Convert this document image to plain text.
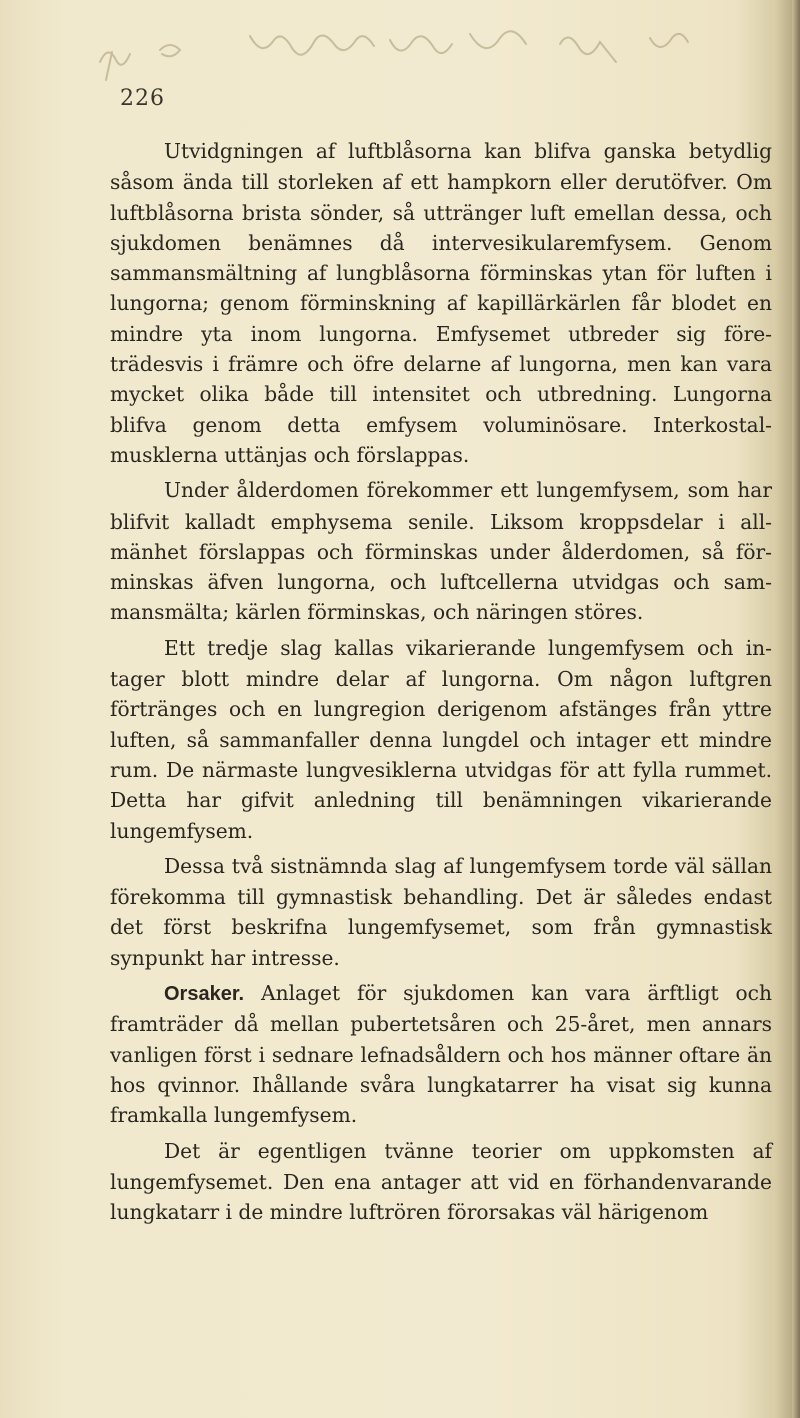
226

Utvidgningen af luftblåsorna kan blifva ganska betydlig såsom ända till storleken af ett hampkorn eller derutöfver. Om luftblåsorna brista sönder, så uttränger luft emellan dessa, och sjukdomen benämnes då intervesikularemfysem. Genom sammansmältning af lungblåsorna förminskas ytan för luften i lungorna; genom förminskning af kapillärkärlen får blodet en mindre yta inom lungorna. Emfysemet utbreder sig företrädesvis i främre och öfre delarne af lungorna, men kan vara mycket olika både till intensitet och utbredning. Lungorna blifva genom detta emfysem voluminösare. Interkostalmusklerna uttänjas och förslappas.

Under ålderdomen förekommer ett lungemfysem, som har blifvit kalladt emphysema senile. Liksom kroppsdelar i allmänhet förslappas och förminskas under ålderdomen, så förminskas äfven lungorna, och luftcellerna utvidgas och sammansmälta; kärlen förminskas, och näringen störes.

Ett tredje slag kallas vikarierande lungemfysem och intager blott mindre delar af lungorna. Om någon luftgren förtränges och en lungregion derigenom afstänges från yttre luften, så sammanfaller denna lungdel och intager ett mindre rum. De närmaste lungvesiklerna utvidgas för att fylla rummet. Detta har gifvit anledning till benämningen vikarierande lungemfysem.

Dessa två sistnämnda slag af lungemfysem torde väl sällan förekomma till gymnastisk behandling. Det är således endast det först beskrifna lungemfysemet, som från gymnastisk synpunkt har intresse.

Orsaker. Anlaget för sjukdomen kan vara ärftligt och framträder då mellan pubertetsåren och 25-året, men annars vanligen först i sednare lefnadsåldern och hos männer oftare än hos qvinnor. Ihållande svåra lungkatarrer ha visat sig kunna framkalla lungemfysem.

Det är egentligen tvänne teorier om uppkomsten af lungemfysemet. Den ena antager att vid en förhandenvarande lungkatarr i de mindre luftrören förorsakas väl härigenom
